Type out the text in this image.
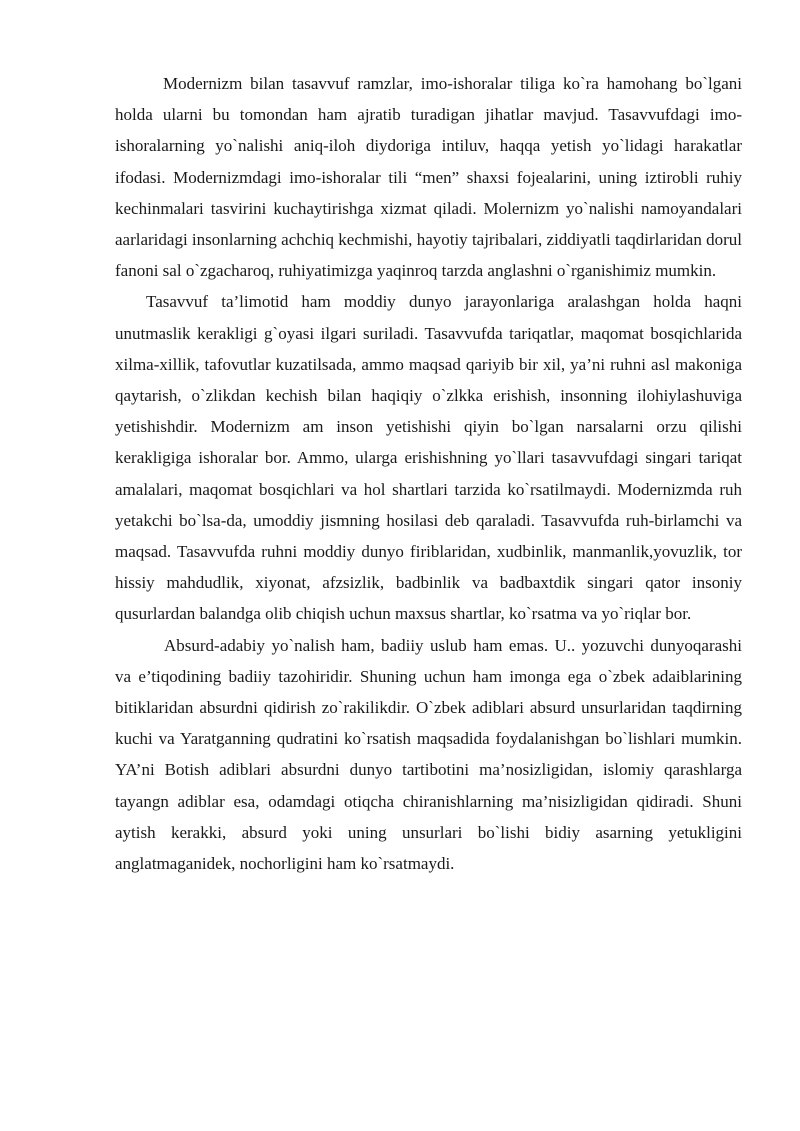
Modernizm bilan tasavvuf ramzlar, imo-ishoralar tiliga ko`ra hamohang bo`lgani holda ularni bu tomondan ham ajratib turadigan jihatlar mavjud. Tasavvufdagi imo-ishoralarning yo`nalishi aniq-iloh diydoriga intiluv, haqqa yetish yo`lidagi harakatlar ifodasi. Modernizmdagi imo-ishoralar tili “men” shaxsi fojealarini, uning iztirobli ruhiy kechinmalari tasvirini kuchaytirishga xizmat qiladi. Molernizm yo`nalishi namoyandalari aarlaridagi insonlarning achchiq kechmishi, hayotiy tajribalari, ziddiyatli taqdirlaridan dorul fanoni sal o`zgacharoq, ruhiyatimizga yaqinroq tarzda anglashni o`rganishimiz mumkin.

Tasavvuf ta’limotid ham moddiy dunyo jarayonlariga aralashgan holda haqni unutmaslik kerakligi g`oyasi ilgari suriladi. Tasavvufda tariqatlar, maqomat bosqichlarida xilma-xillik, tafovutlar kuzatilsada, ammo maqsad qariyib bir xil, ya’ni ruhni asl makoniga qaytarish, o`zlikdan kechish bilan haqiqiy o`zlkka erishish, insonning ilohiylashuviga yetishishdir. Modernizm am inson yetishishi qiyin bo`lgan narsalarni orzu qilishi kerakligiga ishoralar bor. Ammo, ularga erishishning yo`llari tasavvufdagi singari tariqat amalalari, maqomat bosqichlari va hol shartlari tarzida ko`rsatilmaydi. Modernizmda ruh yetakchi bo`lsa-da, umoddiy jismning hosilasi deb qaraladi. Tasavvufda ruh-birlamchi va maqsad. Tasavvufda ruhni moddiy dunyo firiblaridan, xudbinlik, manmanlik,yovuzlik, tor hissiy mahdudlik, xiyonat, afzsizlik, badbinlik va badbaxtdik singari qator insoniy qusurlardan balandga olib chiqish uchun maxsus shartlar, ko`rsatma va yo`riqlar bor.

Absurd-adabiy yo`nalish ham, badiiy uslub ham emas. U.. yozuvchi dunyoqarashi va e’tiqodining badiiy tazohiridir. Shuning uchun ham imonga ega o`zbek adaiblarining bitiklaridan absurdni qidirish zo`rakilikdir. O`zbek adiblari absurd unsurlaridan taqdirning kuchi va Yaratganning qudratini ko`rsatish maqsadida foydalanishgan bo`lishlari mumkin. YA’ni Botish adiblari absurdni dunyo tartibotini ma’nosizligidan, islomiy qarashlarga tayangn adiblar esa, odamdagi otiqcha chiranishlarning ma’nisizligidan qidiradi. Shuni aytish kerakki, absurd yoki uning unsurlari bo`lishi bidiy asarning yetukligini anglatmaganidek, nochorligini ham ko`rsatmaydi.
